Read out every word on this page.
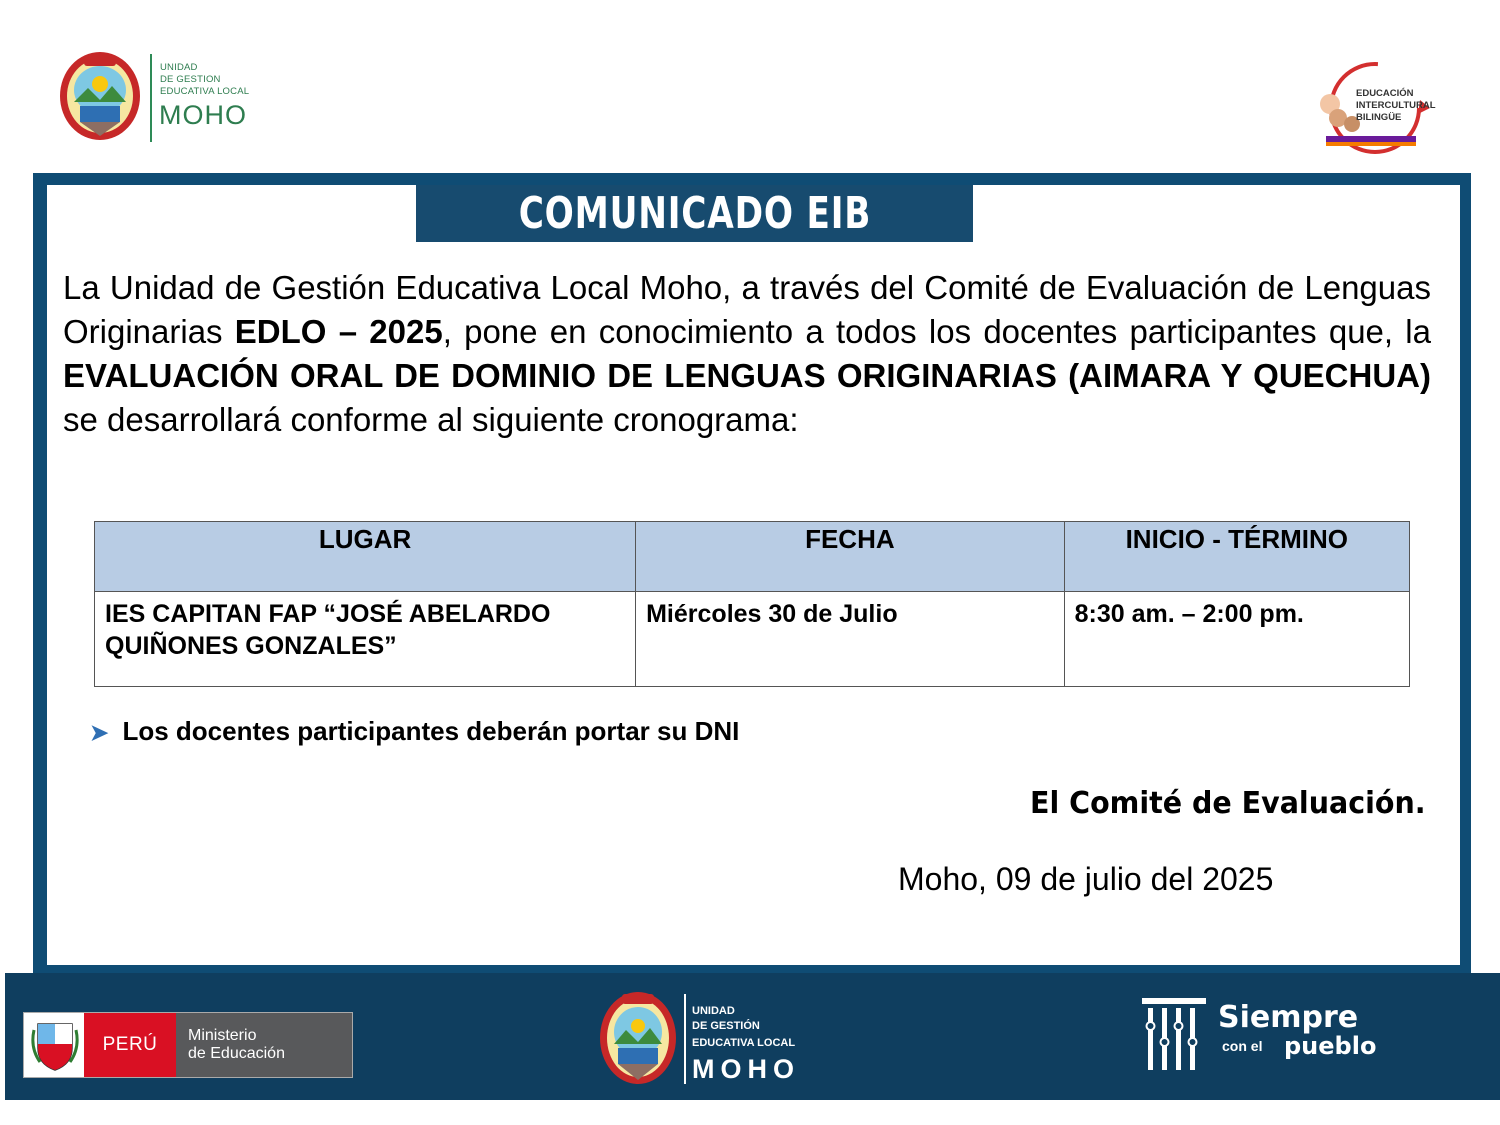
UNIDAD
DE GESTION
EDUCATIVA LOCAL
MOHO
EDUCACIÓN
INTERCULTURAL
BILINGÜE
COMUNICADO EIB
La Unidad de Gestión Educativa Local Moho, a través del Comité de Evaluación de Lenguas Originarias EDLO – 2025, pone en conocimiento a todos los docentes participantes que, la EVALUACIÓN ORAL DE DOMINIO DE LENGUAS ORIGINARIAS (AIMARA Y QUECHUA) se desarrollará conforme al siguiente cronograma:
LUGAR	FECHA	INICIO - TÉRMINO
IES CAPITAN FAP “JOSÉ ABELARDO QUIÑONES GONZALES”	Miércoles 30 de Julio	8:30 am. – 2:00 pm.
➤ Los docentes participantes deberán portar su DNI
El Comité de Evaluación.
Moho, 09 de julio del 2025
PERÚ	Ministerio
de Educación
UNIDAD
DE GESTIÓN
EDUCATIVA LOCAL
MOHO
Siempre
con el pueblo
